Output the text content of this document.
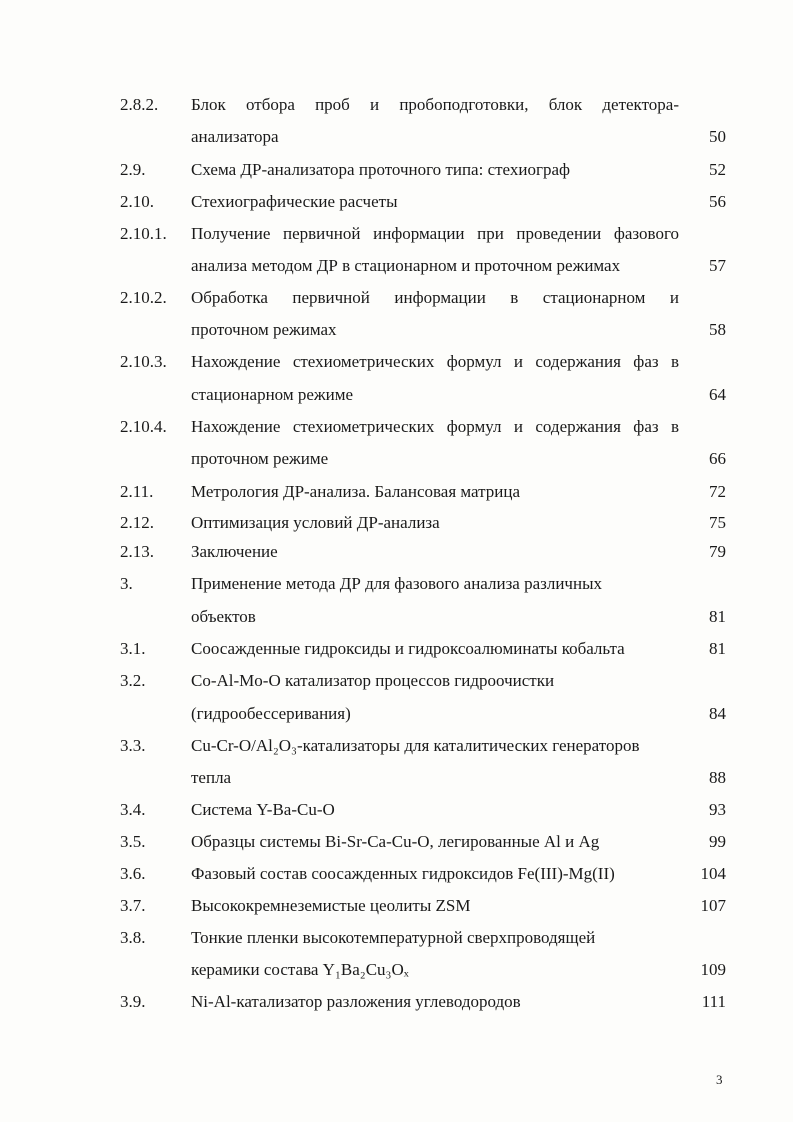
2.8.2. Блок отбора проб и пробоподготовки, блок детектора-
анализатора	50
2.9.	Схема ДР-анализатора проточного типа: стехиограф	52
2.10. Стехиографические расчеты	56
2.10.1. Получение первичной информации при проведении фазового
анализа методом ДР в стационарном и проточном режимах	57
2.10.2. Обработка первичной информации в стационарном и
проточном режимах	58
2.10.3. Нахождение стехиометрических формул и содержания фаз в
стационарном режиме	64
2.10.4. Нахождение стехиометрических формул и содержания фаз в
проточном режиме	66
2.11. Метрология ДР-анализа. Балансовая матрица	72
2.12. Оптимизация условий ДР-анализа	75
2.13. Заключение	79
3.	Применение метода ДР для фазового анализа различных
объектов	81
3.1.	Соосажденные гидроксиды и гидроксоалюминаты кобальта	81
3.2.	Co-Al-Mo-O катализатор процессов гидроочистки
(гидрообессеривания)	84
3.3.	Cu-Cr-O/Al₂O₃-катализаторы для каталитических генераторов
тепла	88
3.4.	Система Y-Ba-Cu-O	93
3.5.	Образцы системы Bi-Sr-Ca-Cu-O, легированные Al и Ag	99
3.6.	Фазовый состав соосажденных гидроксидов Fe(III)-Mg(II)	104
3.7.	Высококремнеземистые цеолиты ZSM	107
3.8.	Тонкие пленки высокотемпературной сверхпроводящей
керамики состава Y₁Ba₂Cu₃Oₓ	109
3.9.	Ni-Al-катализатор разложения углеводородов	111
3
